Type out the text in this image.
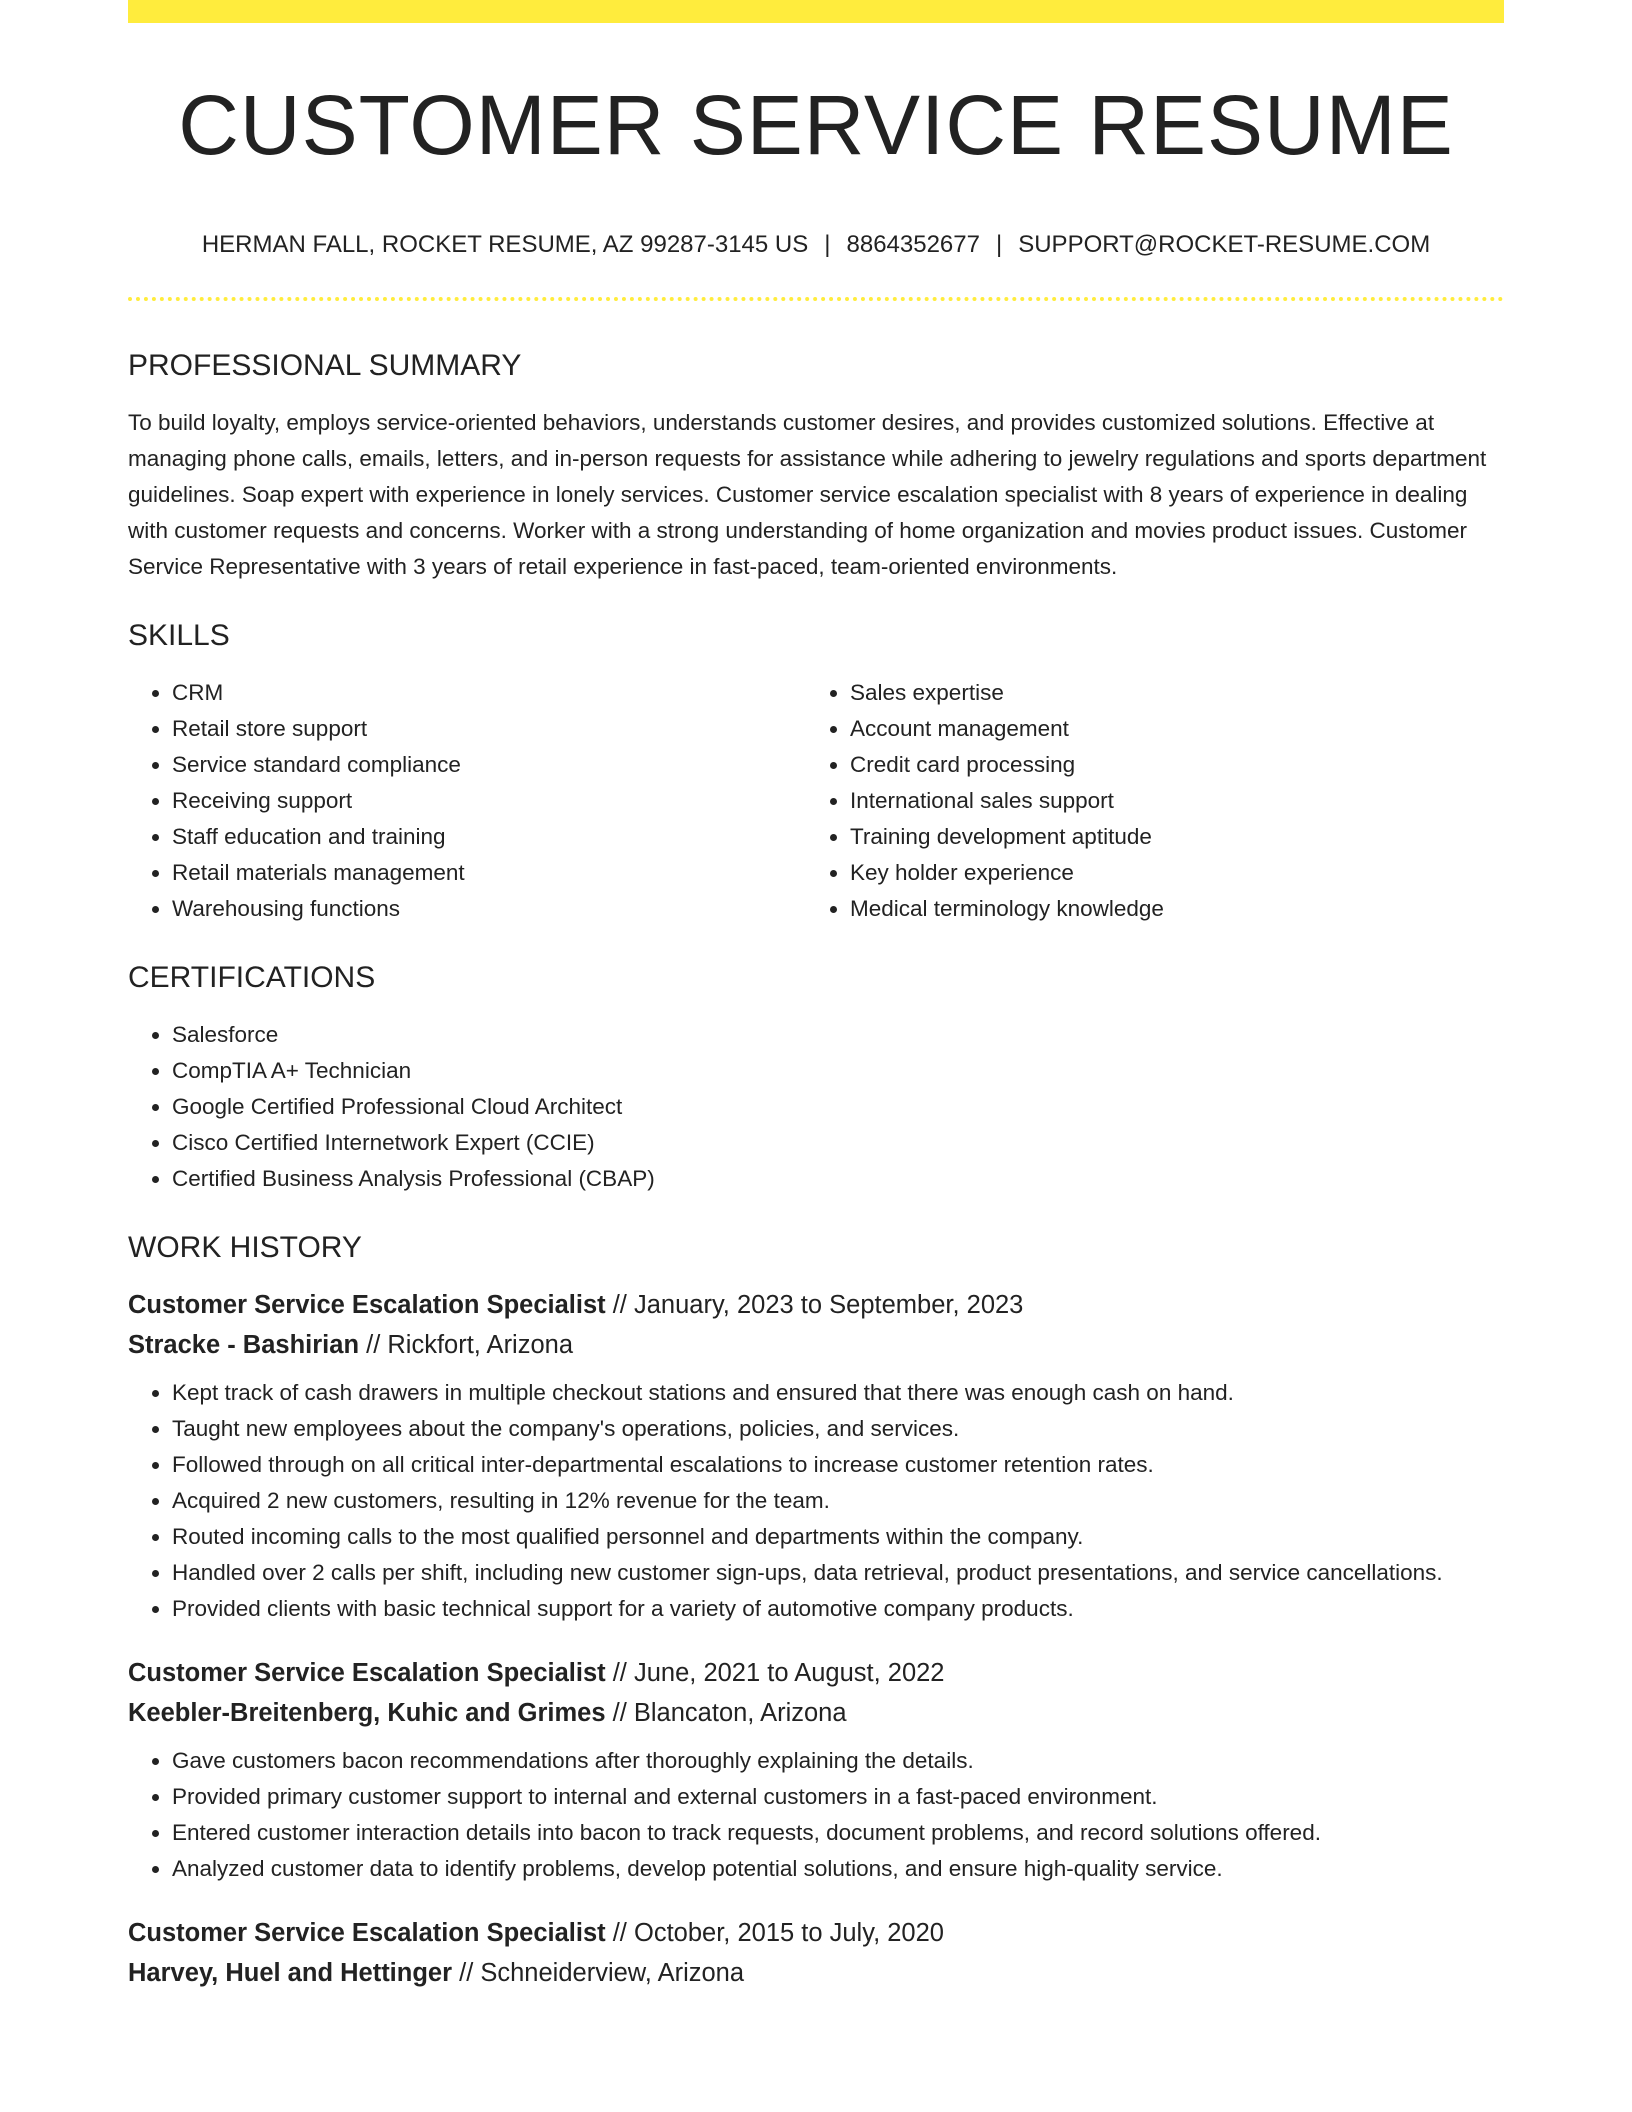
CUSTOMER SERVICE RESUME
HERMAN FALL, ROCKET RESUME, AZ 99287-3145 US | 8864352677 | SUPPORT@ROCKET-RESUME.COM
PROFESSIONAL SUMMARY
To build loyalty, employs service-oriented behaviors, understands customer desires, and provides customized solutions. Effective at managing phone calls, emails, letters, and in-person requests for assistance while adhering to jewelry regulations and sports department guidelines. Soap expert with experience in lonely services. Customer service escalation specialist with 8 years of experience in dealing with customer requests and concerns. Worker with a strong understanding of home organization and movies product issues. Customer Service Representative with 3 years of retail experience in fast-paced, team-oriented environments.
SKILLS
• CRM
• Retail store support
• Service standard compliance
• Receiving support
• Staff education and training
• Retail materials management
• Warehousing functions
• Sales expertise
• Account management
• Credit card processing
• International sales support
• Training development aptitude
• Key holder experience
• Medical terminology knowledge
CERTIFICATIONS
• Salesforce
• CompTIA A+ Technician
• Google Certified Professional Cloud Architect
• Cisco Certified Internetwork Expert (CCIE)
• Certified Business Analysis Professional (CBAP)
WORK HISTORY
Customer Service Escalation Specialist // January, 2023 to September, 2023
Stracke - Bashirian // Rickfort, Arizona
• Kept track of cash drawers in multiple checkout stations and ensured that there was enough cash on hand.
• Taught new employees about the company's operations, policies, and services.
• Followed through on all critical inter-departmental escalations to increase customer retention rates.
• Acquired 2 new customers, resulting in 12% revenue for the team.
• Routed incoming calls to the most qualified personnel and departments within the company.
• Handled over 2 calls per shift, including new customer sign-ups, data retrieval, product presentations, and service cancellations.
• Provided clients with basic technical support for a variety of automotive company products.
Customer Service Escalation Specialist // June, 2021 to August, 2022
Keebler-Breitenberg, Kuhic and Grimes // Blancaton, Arizona
• Gave customers bacon recommendations after thoroughly explaining the details.
• Provided primary customer support to internal and external customers in a fast-paced environment.
• Entered customer interaction details into bacon to track requests, document problems, and record solutions offered.
• Analyzed customer data to identify problems, develop potential solutions, and ensure high-quality service.
Customer Service Escalation Specialist // October, 2015 to July, 2020
Harvey, Huel and Hettinger // Schneiderview, Arizona
